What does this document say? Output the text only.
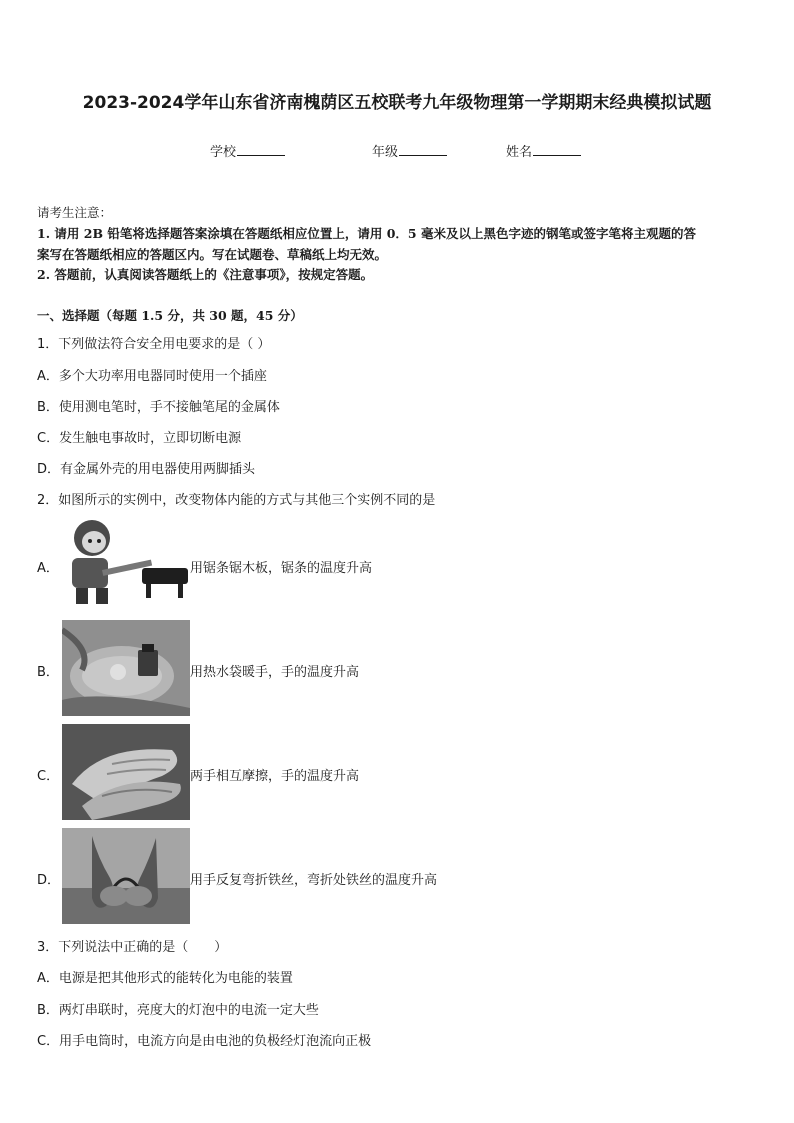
2023-2024学年山东省济南槐荫区五校联考九年级物理第一学期期末经典模拟试题
学校	年级	姓名
请考生注意：
1. 请用 2B 铅笔将选择题答案涂填在答题纸相应位置上，请用 0．5 毫米及以上黑色字迹的钢笔或签字笔将主观题的答
案写在答题纸相应的答题区内。写在试题卷、草稿纸上均无效。
2. 答题前，认真阅读答题纸上的《注意事项》，按规定答题。
一、选择题（每题 1.5 分，共 30 题，45 分）
1．下列做法符合安全用电要求的是（ ）
A．多个大功率用电器同时使用一个插座
B．使用测电笔时，手不接触笔尾的金属体
C．发生触电事故时，立即切断电源
D．有金属外壳的用电器使用两脚插头
2．如图所示的实例中，改变物体内能的方式与其他三个实例不同的是
A．	用锯条锯木板，锯条的温度升高
B．	用热水袋暖手，手的温度升高
C．	两手相互摩擦，手的温度升高
D．	用手反复弯折铁丝，弯折处铁丝的温度升高
3．下列说法中正确的是（　　）
A．电源是把其他形式的能转化为电能的装置
B．两灯串联时，亮度大的灯泡中的电流一定大些
C．用手电筒时，电流方向是由电池的负极经灯泡流向正极
